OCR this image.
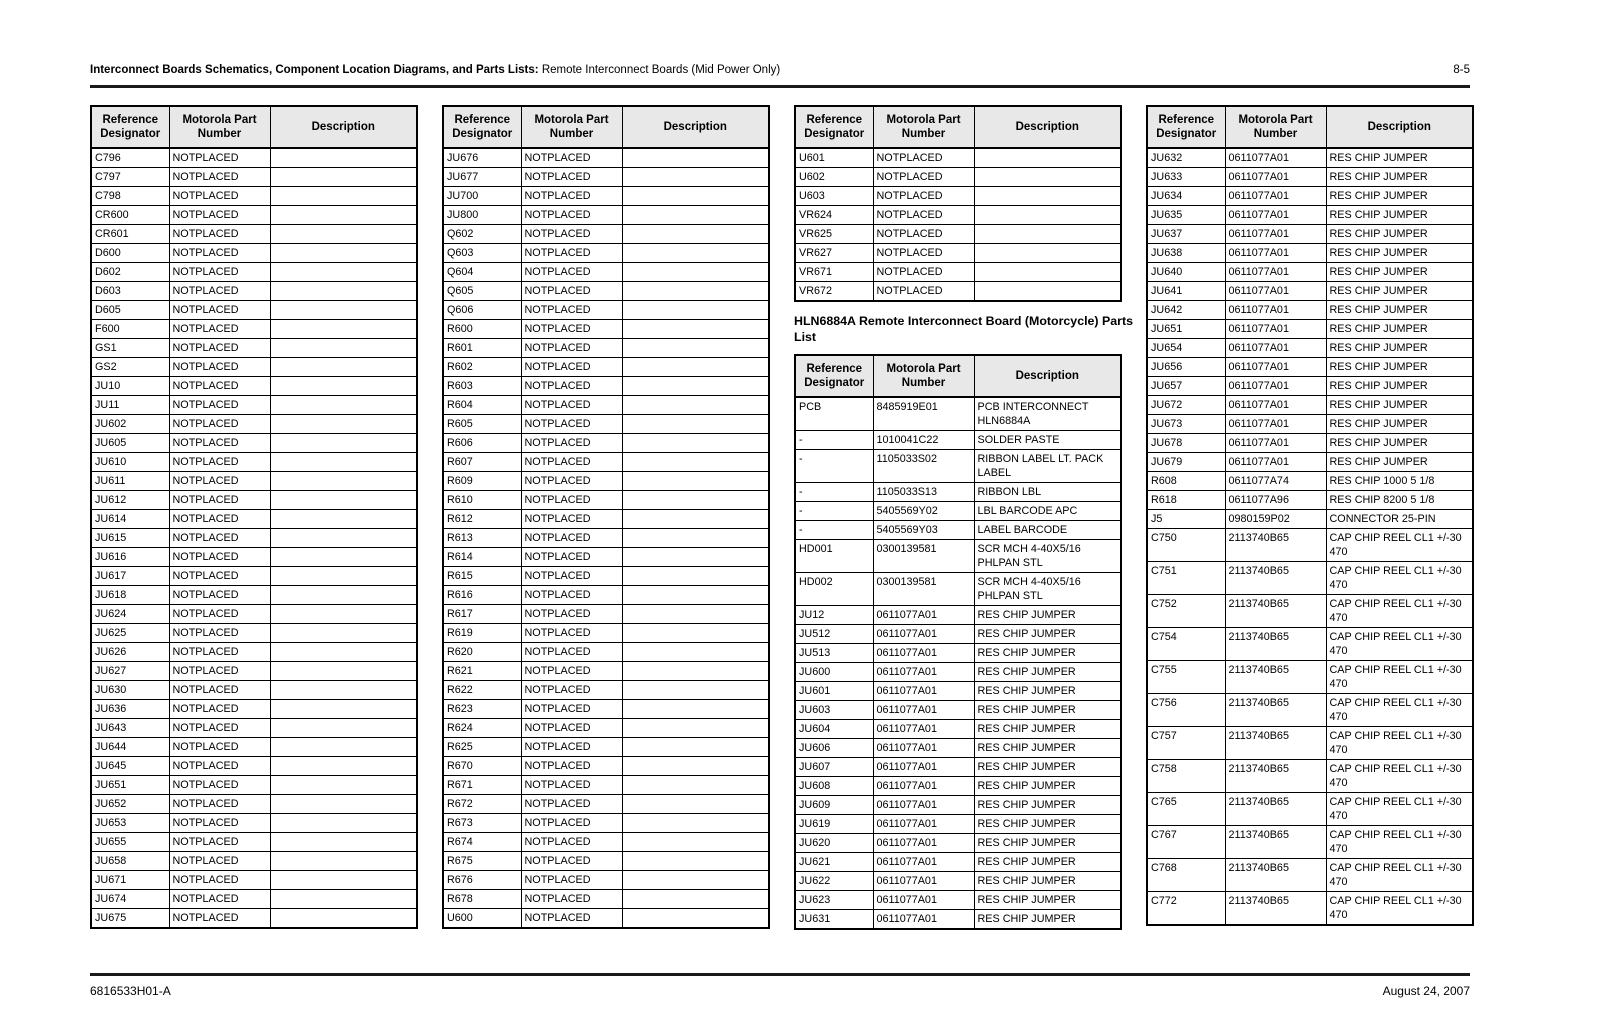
Interconnect Boards Schematics, Component Location Diagrams, and Parts Lists: Remote Interconnect Boards (Mid Power Only)	8-5
Reference Designator	Motorola Part Number	Description
C796	NOTPLACED	
C797	NOTPLACED	
C798	NOTPLACED	
CR600	NOTPLACED	
CR601	NOTPLACED	
D600	NOTPLACED	
D602	NOTPLACED	
D603	NOTPLACED	
D605	NOTPLACED	
F600	NOTPLACED	
GS1	NOTPLACED	
GS2	NOTPLACED	
JU10	NOTPLACED	
JU11	NOTPLACED	
JU602	NOTPLACED	
JU605	NOTPLACED	
JU610	NOTPLACED	
JU611	NOTPLACED	
JU612	NOTPLACED	
JU614	NOTPLACED	
JU615	NOTPLACED	
JU616	NOTPLACED	
JU617	NOTPLACED	
JU618	NOTPLACED	
JU624	NOTPLACED	
JU625	NOTPLACED	
JU626	NOTPLACED	
JU627	NOTPLACED	
JU630	NOTPLACED	
JU636	NOTPLACED	
JU643	NOTPLACED	
JU644	NOTPLACED	
JU645	NOTPLACED	
JU651	NOTPLACED	
JU652	NOTPLACED	
JU653	NOTPLACED	
JU655	NOTPLACED	
JU658	NOTPLACED	
JU671	NOTPLACED	
JU674	NOTPLACED	
JU675	NOTPLACED	
Reference Designator	Motorola Part Number	Description
JU676	NOTPLACED	
JU677	NOTPLACED	
JU700	NOTPLACED	
JU800	NOTPLACED	
Q602	NOTPLACED	
Q603	NOTPLACED	
Q604	NOTPLACED	
Q605	NOTPLACED	
Q606	NOTPLACED	
R600	NOTPLACED	
R601	NOTPLACED	
R602	NOTPLACED	
R603	NOTPLACED	
R604	NOTPLACED	
R605	NOTPLACED	
R606	NOTPLACED	
R607	NOTPLACED	
R609	NOTPLACED	
R610	NOTPLACED	
R612	NOTPLACED	
R613	NOTPLACED	
R614	NOTPLACED	
R615	NOTPLACED	
R616	NOTPLACED	
R617	NOTPLACED	
R619	NOTPLACED	
R620	NOTPLACED	
R621	NOTPLACED	
R622	NOTPLACED	
R623	NOTPLACED	
R624	NOTPLACED	
R625	NOTPLACED	
R670	NOTPLACED	
R671	NOTPLACED	
R672	NOTPLACED	
R673	NOTPLACED	
R674	NOTPLACED	
R675	NOTPLACED	
R676	NOTPLACED	
R678	NOTPLACED	
U600	NOTPLACED	
Reference Designator	Motorola Part Number	Description
U601	NOTPLACED	
U602	NOTPLACED	
U603	NOTPLACED	
VR624	NOTPLACED	
VR625	NOTPLACED	
VR627	NOTPLACED	
VR671	NOTPLACED	
VR672	NOTPLACED	
HLN6884A Remote Interconnect Board (Motorcycle) Parts List
Reference Designator	Motorola Part Number	Description
PCB	8485919E01	PCB INTERCONNECT HLN6884A
-	1010041C22	SOLDER PASTE
-	1105033S02	RIBBON LABEL LT. PACK LABEL
-	1105033S13	RIBBON LBL
-	5405569Y02	LBL BARCODE APC
-	5405569Y03	LABEL BARCODE
HD001	0300139581	SCR MCH 4-40X5/16 PHLPAN STL
HD002	0300139581	SCR MCH 4-40X5/16 PHLPAN STL
JU12	0611077A01	RES CHIP JUMPER
JU512	0611077A01	RES CHIP JUMPER
JU513	0611077A01	RES CHIP JUMPER
JU600	0611077A01	RES CHIP JUMPER
JU601	0611077A01	RES CHIP JUMPER
JU603	0611077A01	RES CHIP JUMPER
JU604	0611077A01	RES CHIP JUMPER
JU606	0611077A01	RES CHIP JUMPER
JU607	0611077A01	RES CHIP JUMPER
JU608	0611077A01	RES CHIP JUMPER
JU609	0611077A01	RES CHIP JUMPER
JU619	0611077A01	RES CHIP JUMPER
JU620	0611077A01	RES CHIP JUMPER
JU621	0611077A01	RES CHIP JUMPER
JU622	0611077A01	RES CHIP JUMPER
JU623	0611077A01	RES CHIP JUMPER
JU631	0611077A01	RES CHIP JUMPER
Reference Designator	Motorola Part Number	Description
JU632	0611077A01	RES CHIP JUMPER
JU633	0611077A01	RES CHIP JUMPER
JU634	0611077A01	RES CHIP JUMPER
JU635	0611077A01	RES CHIP JUMPER
JU637	0611077A01	RES CHIP JUMPER
JU638	0611077A01	RES CHIP JUMPER
JU640	0611077A01	RES CHIP JUMPER
JU641	0611077A01	RES CHIP JUMPER
JU642	0611077A01	RES CHIP JUMPER
JU651	0611077A01	RES CHIP JUMPER
JU654	0611077A01	RES CHIP JUMPER
JU656	0611077A01	RES CHIP JUMPER
JU657	0611077A01	RES CHIP JUMPER
JU672	0611077A01	RES CHIP JUMPER
JU673	0611077A01	RES CHIP JUMPER
JU678	0611077A01	RES CHIP JUMPER
JU679	0611077A01	RES CHIP JUMPER
R608	0611077A74	RES CHIP 1000 5 1/8
R618	0611077A96	RES CHIP 8200 5 1/8
J5	0980159P02	CONNECTOR 25-PIN
C750	2113740B65	CAP CHIP REEL CL1 +/-30 470
C751	2113740B65	CAP CHIP REEL CL1 +/-30 470
C752	2113740B65	CAP CHIP REEL CL1 +/-30 470
C754	2113740B65	CAP CHIP REEL CL1 +/-30 470
C755	2113740B65	CAP CHIP REEL CL1 +/-30 470
C756	2113740B65	CAP CHIP REEL CL1 +/-30 470
C757	2113740B65	CAP CHIP REEL CL1 +/-30 470
C758	2113740B65	CAP CHIP REEL CL1 +/-30 470
C765	2113740B65	CAP CHIP REEL CL1 +/-30 470
C767	2113740B65	CAP CHIP REEL CL1 +/-30 470
C768	2113740B65	CAP CHIP REEL CL1 +/-30 470
C772	2113740B65	CAP CHIP REEL CL1 +/-30 470
6816533H01-A	August 24, 2007
